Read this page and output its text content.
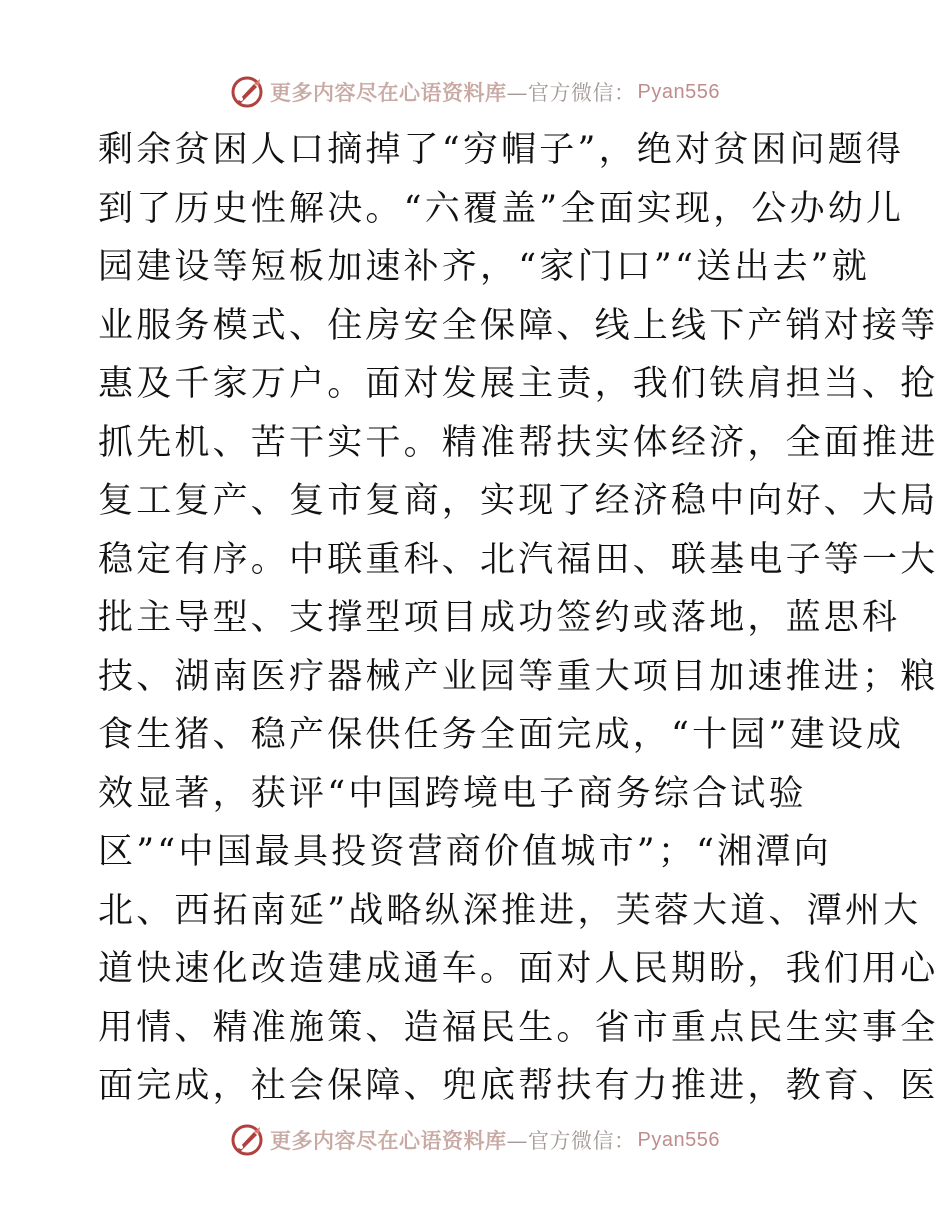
更多内容尽在心语资料库 —官方微信： Pyan556
剩余贫困人口摘掉了“穷帽子”，绝对贫困问题得
到了历史性解决。“六覆盖”全面实现，公办幼儿
园建设等短板加速补齐，“家门口”“送出去”就
业服务模式、住房安全保障、线上线下产销对接等
惠及千家万户。面对发展主责，我们铁肩担当、抢
抓先机、苦干实干。精准帮扶实体经济，全面推进
复工复产、复市复商，实现了经济稳中向好、大局
稳定有序。中联重科、北汽福田、联基电子等一大
批主导型、支撑型项目成功签约或落地，蓝思科
技、湖南医疗器械产业园等重大项目加速推进；粮
食生猪、稳产保供任务全面完成，“十园”建设成
效显著，获评“中国跨境电子商务综合试验
区”“中国最具投资营商价值城市”；“湘潭向
北、西拓南延”战略纵深推进，芙蓉大道、潭州大
道快速化改造建成通车。面对人民期盼，我们用心
用情、精准施策、造福民生。省市重点民生实事全
面完成，社会保障、兜底帮扶有力推进，教育、医
更多内容尽在心语资料库 —官方微信： Pyan556
